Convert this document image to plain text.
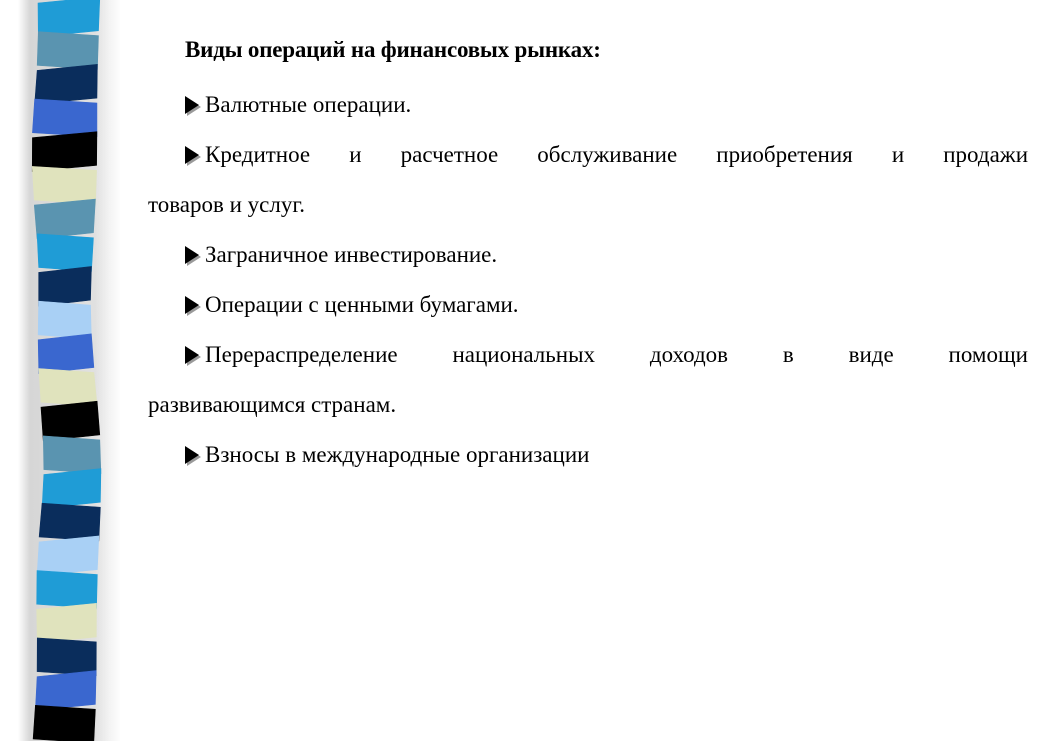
Виды операций на финансовых рынках:
Валютные операции.
Кредитное и расчетное обслуживание приобретения и продажи
товаров и услуг.
Заграничное инвестирование.
Операции с ценными бумагами.
Перераспределение национальных доходов в виде помощи
развивающимся странам.
Взносы в международные организации
